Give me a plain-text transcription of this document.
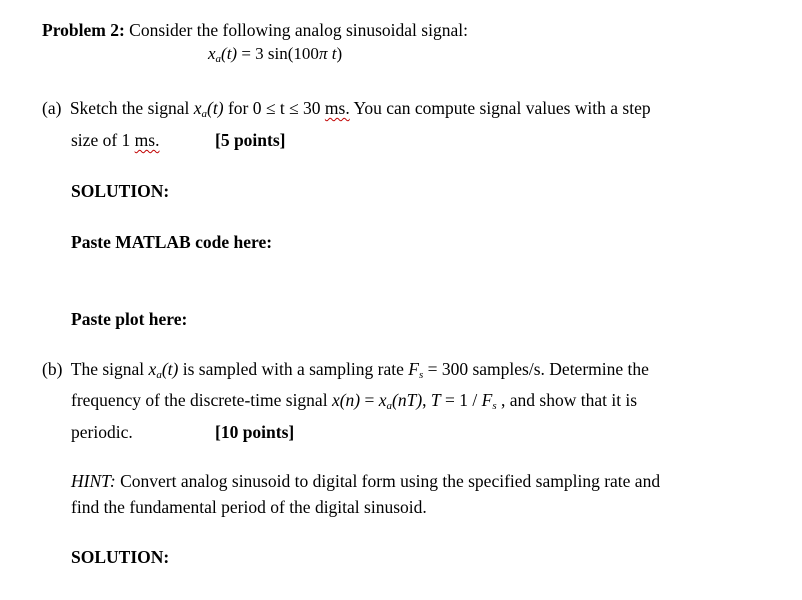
Problem 2: Consider the following analog sinusoidal signal:
$x_a(t) = 3$ sin(100π t)
(a) Sketch the signal $x_a(t)$ for 0 ≤ t ≤ 30 ms. You can compute signal values with a step
size of 1 ms.	[5 points]
SOLUTION:
Paste MATLAB code here:
Paste plot here:
(b) The signal $x_a(t)$ is sampled with a sampling rate $F_s = 300$ samples/s. Determine the
frequency of the discrete-time signal $x(n) = x_a(nT)$, $T = 1 / F_s$ , and show that it is
periodic.	[10 points]
HINT: Convert analog sinusoid to digital form using the specified sampling rate and
find the fundamental period of the digital sinusoid.
SOLUTION:
